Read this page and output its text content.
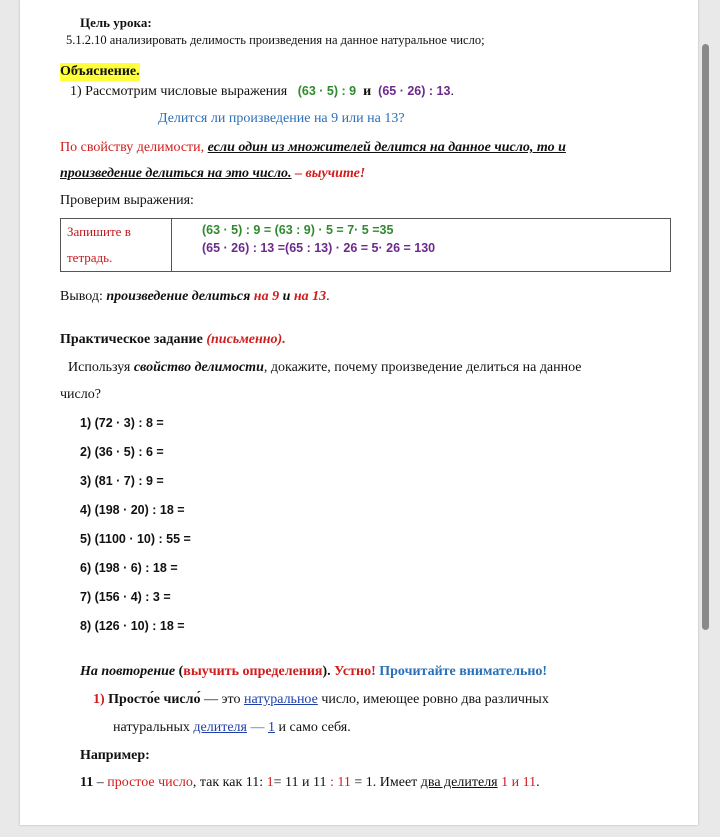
Цель урока:
5.1.2.10 анализировать делимость произведения на данное натуральное число;
Объяснение.
1) Рассмотрим числовые выражения (63 · 5) : 9 и (65 · 26) : 13.
Делится ли произведение на 9 или на 13?
По свойству делимости, если один из множителей делится на данное число, то и
произведение делиться на это число. – выучите!
Проверим выражения:
Запишите в
тетрадь.

(63 · 5) : 9 = (63 : 9) · 5 = 7· 5 =35
(65 · 26) : 13 =(65 : 13) · 26 = 5· 26 = 130
Вывод: произведение делиться на 9 и на 13.
Практическое задание (письменно).
Используя свойство делимости, докажите, почему произведение делиться на данное
число?
1) (72 · 3) : 8 =
2) (36 · 5) : 6 =
3) (81 · 7) : 9 =
4) (198 · 20) : 18 =
5) (1100 · 10) : 55 =
6) (198 · 6) : 18 =
7) (156 · 4) : 3 =
8) (126 · 10) : 18 =
На повторение (выучить определения). Устно! Прочитайте внимательно!
1) Просто́е число́ — это натуральное число, имеющее ровно два различных
натуральных делителя — 1 и само себя.
Например:
11 – простое число, так как 11: 1= 11 и 11 : 11 = 1. Имеет два делителя 1 и 11.
